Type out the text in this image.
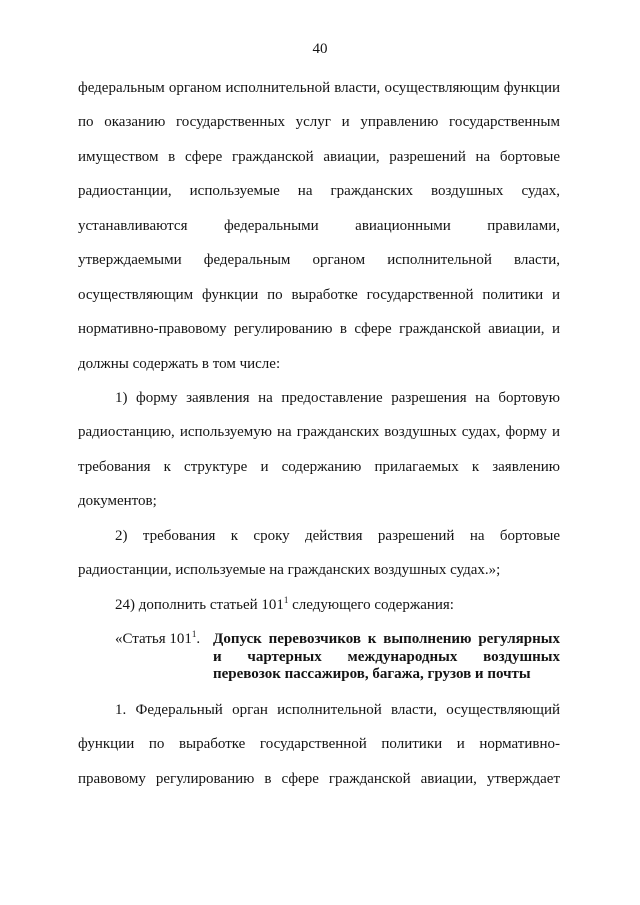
40
федеральным органом исполнительной власти, осуществляющим функции
по оказанию государственных услуг и управлению государственным
имуществом в сфере гражданской авиации, разрешений на бортовые
радиостанции, используемые на гражданских воздушных судах,
устанавливаются федеральными авиационными правилами,
утверждаемыми федеральным органом исполнительной власти,
осуществляющим функции по выработке государственной политики и
нормативно-правовому регулированию в сфере гражданской авиации, и
должны содержать в том числе:
1) форму заявления на предоставление разрешения на бортовую
радиостанцию, используемую на гражданских воздушных судах, форму и
требования к структуре и содержанию прилагаемых к заявлению
документов;
2) требования к сроку действия разрешений на бортовые
радиостанции, используемые на гражданских воздушных судах.»;
24) дополнить статьей $101^1$ следующего содержания:
«Статья $101^1$. Допуск перевозчиков к выполнению регулярных
и чартерных международных воздушных
перевозок пассажиров, багажа, грузов и почты
1. Федеральный орган исполнительной власти, осуществляющий
функции по выработке государственной политики и нормативно-
правовому регулированию в сфере гражданской авиации, утверждает
